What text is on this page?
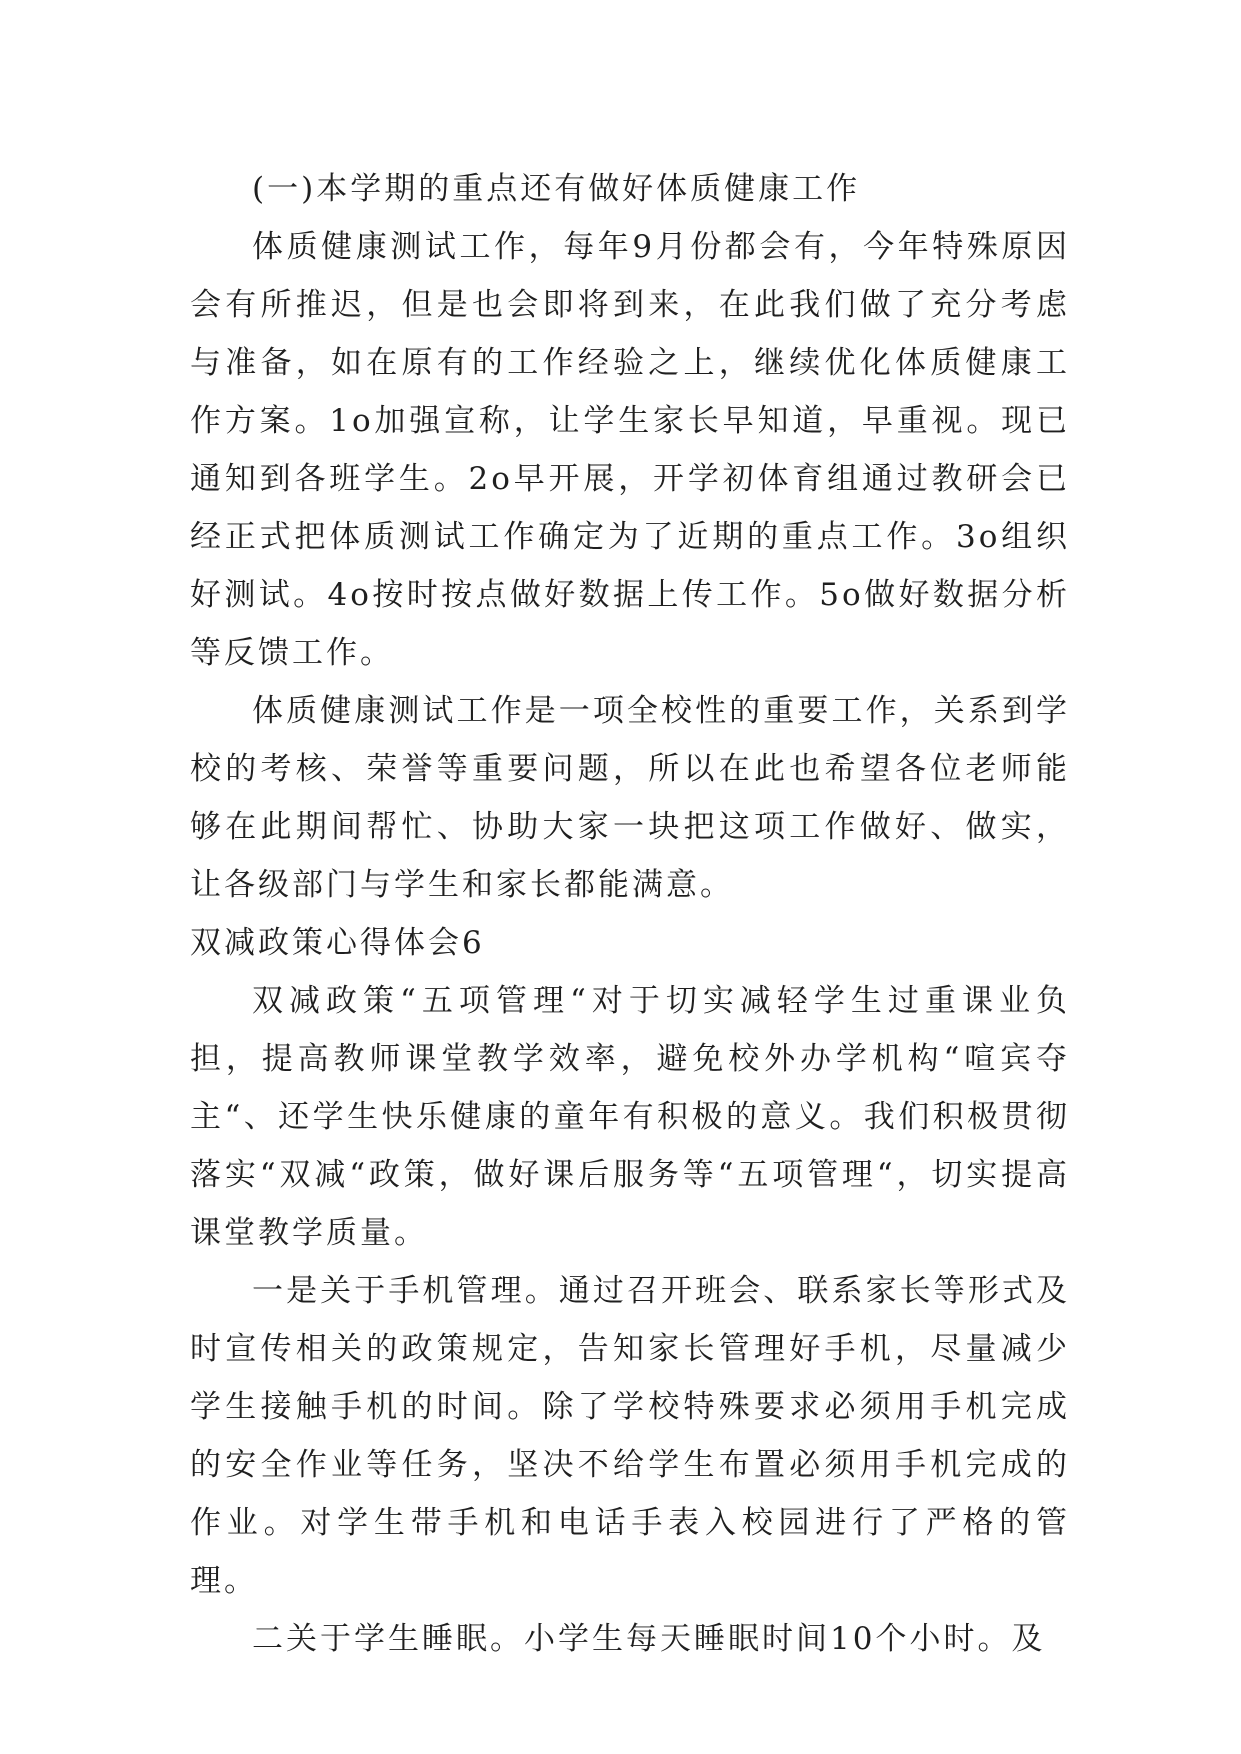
(一)本学期的重点还有做好体质健康工作

体质健康测试工作，每年9月份都会有，今年特殊原因会有所推迟，但是也会即将到来，在此我们做了充分考虑与准备，如在原有的工作经验之上，继续优化体质健康工作方案。1o加强宣称，让学生家长早知道，早重视。现已通知到各班学生。2o早开展，开学初体育组通过教研会已经正式把体质测试工作确定为了近期的重点工作。3o组织好测试。4o按时按点做好数据上传工作。5o做好数据分析等反馈工作。

体质健康测试工作是一项全校性的重要工作，关系到学校的考核、荣誉等重要问题，所以在此也希望各位老师能够在此期间帮忙、协助大家一块把这项工作做好、做实，让各级部门与学生和家长都能满意。

双减政策心得体会6

双减政策“五项管理“对于切实减轻学生过重课业负担，提高教师课堂教学效率，避免校外办学机构“喧宾夺主“、还学生快乐健康的童年有积极的意义。我们积极贯彻落实“双减“政策，做好课后服务等“五项管理“，切实提高课堂教学质量。

一是关于手机管理。通过召开班会、联系家长等形式及时宣传相关的政策规定，告知家长管理好手机，尽量减少学生接触手机的时间。除了学校特殊要求必须用手机完成的安全作业等任务，坚决不给学生布置必须用手机完成的作业。对学生带手机和电话手表入校园进行了严格的管理。

二关于学生睡眠。小学生每天睡眠时间10个小时。及
